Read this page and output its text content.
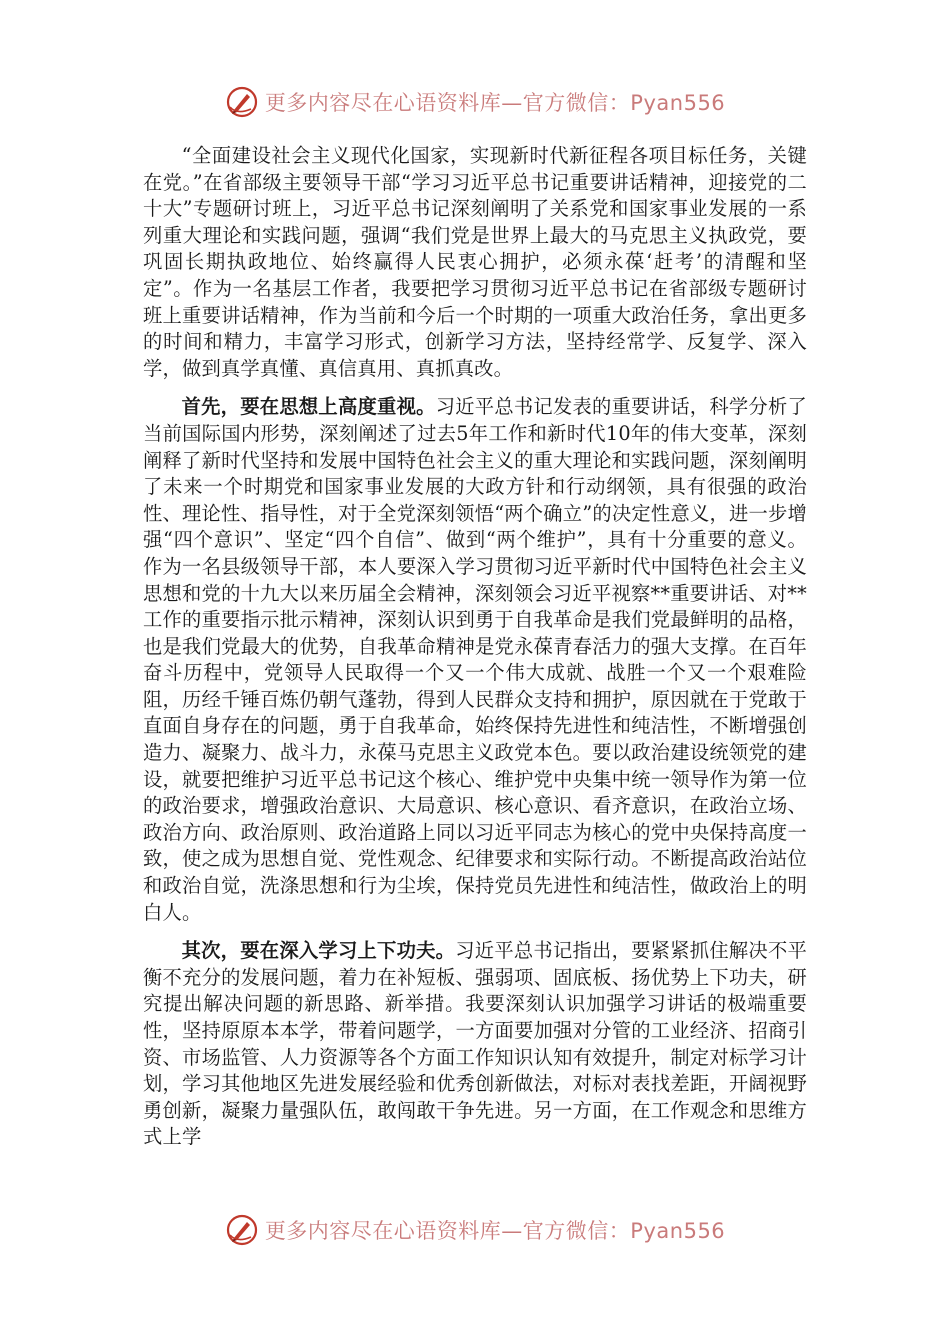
更多内容尽在心语资料库—官方微信：Pyan556

“全面建设社会主义现代化国家，实现新时代新征程各项目标任务，关键在党。”在省部级主要领导干部“学习习近平总书记重要讲话精神，迎接党的二十大”专题研讨班上，习近平总书记深刻阐明了关系党和国家事业发展的一系列重大理论和实践问题，强调“我们党是世界上最大的马克思主义执政党，要巩固长期执政地位、始终赢得人民衷心拥护，必须永葆‘赶考’的清醒和坚定”。作为一名基层工作者，我要把学习贯彻习近平总书记在省部级专题研讨班上重要讲话精神，作为当前和今后一个时期的一项重大政治任务，拿出更多的时间和精力，丰富学习形式，创新学习方法，坚持经常学、反复学、深入学，做到真学真懂、真信真用、真抓真改。

首先，要在思想上高度重视。习近平总书记发表的重要讲话，科学分析了当前国际国内形势，深刻阐述了过去5年工作和新时代10年的伟大变革，深刻阐释了新时代坚持和发展中国特色社会主义的重大理论和实践问题，深刻阐明了未来一个时期党和国家事业发展的大政方针和行动纲领，具有很强的政治性、理论性、指导性，对于全党深刻领悟“两个确立”的决定性意义，进一步增强“四个意识”、坚定“四个自信”、做到“两个维护”，具有十分重要的意义。作为一名县级领导干部，本人要深入学习贯彻习近平新时代中国特色社会主义思想和党的十九大以来历届全会精神，深刻领会习近平视察**重要讲话、对**工作的重要指示批示精神，深刻认识到勇于自我革命是我们党最鲜明的品格，也是我们党最大的优势，自我革命精神是党永葆青春活力的强大支撑。在百年奋斗历程中，党领导人民取得一个又一个伟大成就、战胜一个又一个艰难险阻，历经千锤百炼仍朝气蓬勃，得到人民群众支持和拥护，原因就在于党敢于直面自身存在的问题，勇于自我革命，始终保持先进性和纯洁性，不断增强创造力、凝聚力、战斗力，永葆马克思主义政党本色。要以政治建设统领党的建设，就要把维护习近平总书记这个核心、维护党中央集中统一领导作为第一位的政治要求，增强政治意识、大局意识、核心意识、看齐意识，在政治立场、政治方向、政治原则、政治道路上同以习近平同志为核心的党中央保持高度一致，使之成为思想自觉、党性观念、纪律要求和实际行动。不断提高政治站位和政治自觉，洗涤思想和行为尘埃，保持党员先进性和纯洁性，做政治上的明白人。

其次，要在深入学习上下功夫。习近平总书记指出，要紧紧抓住解决不平衡不充分的发展问题，着力在补短板、强弱项、固底板、扬优势上下功夫，研究提出解决问题的新思路、新举措。我要深刻认识加强学习讲话的极端重要性，坚持原原本本学，带着问题学，一方面要加强对分管的工业经济、招商引资、市场监管、人力资源等各个方面工作知识认知有效提升，制定对标学习计划，学习其他地区先进发展经验和优秀创新做法，对标对表找差距，开阔视野勇创新，凝聚力量强队伍，敢闯敢干争先进。另一方面，在工作观念和思维方式上学

更多内容尽在心语资料库—官方微信：Pyan556
